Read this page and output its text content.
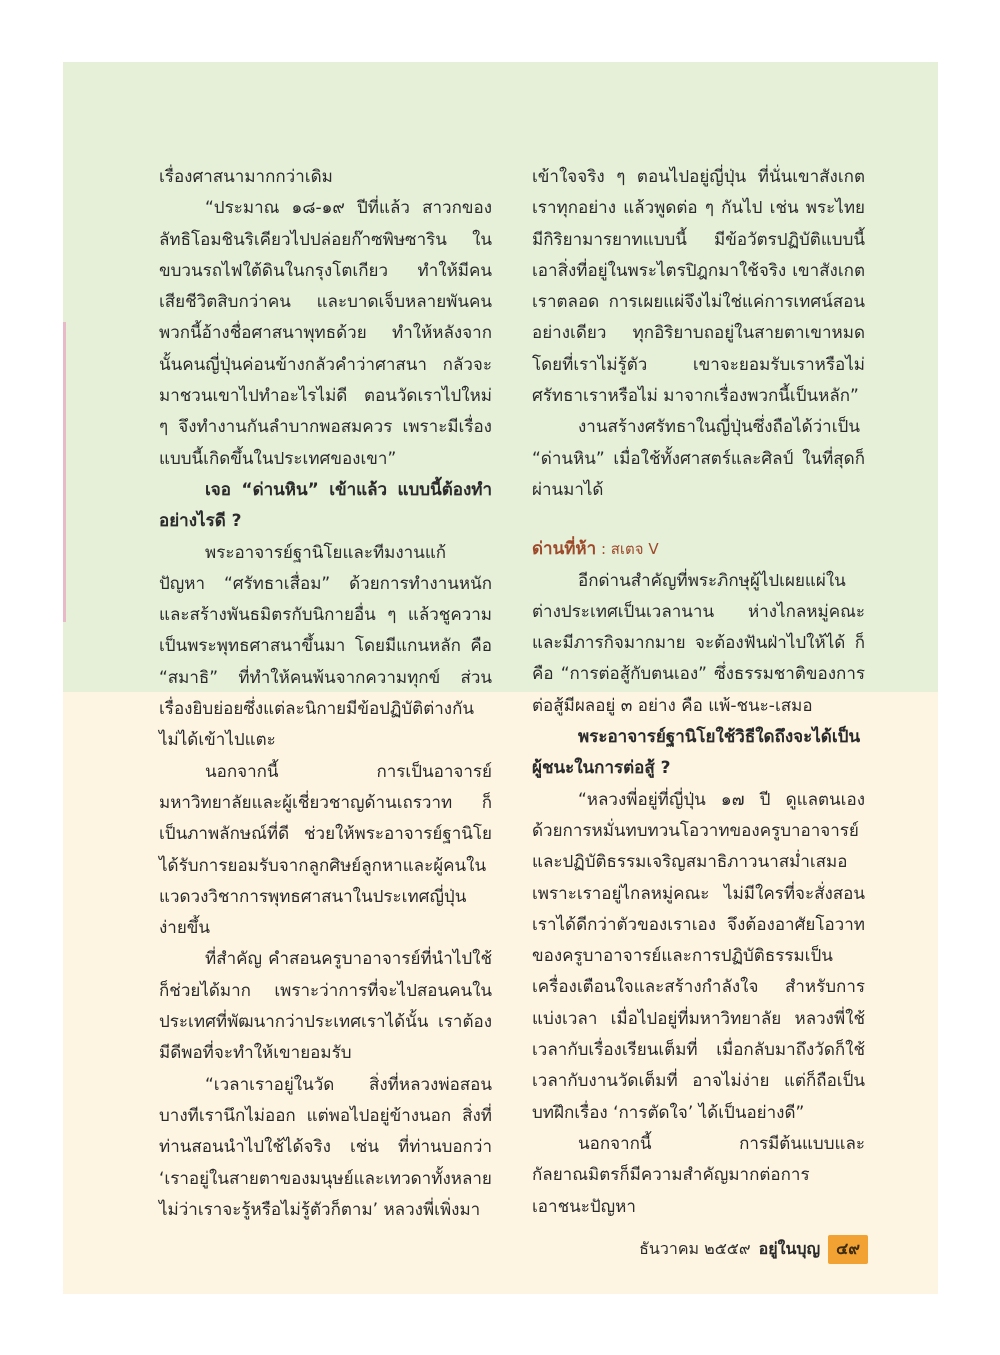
เรื่องศาสนามากกว่าเดิม

“ประมาณ ๑๘-๑๙ ปีที่แล้ว สาวกของลัทธิโอมชินริเคียวไปปล่อยก๊าซพิษซาริน ในขบวนรถไฟใต้ดินในกรุงโตเกียว ทำให้มีคนเสียชีวิตสิบกว่าคน และบาดเจ็บหลายพันคน พวกนี้อ้างชื่อศาสนาพุทธด้วย ทำให้หลังจากนั้นคนญี่ปุ่นค่อนข้างกลัวคำว่าศาสนา กลัวจะมาชวนเขาไปทำอะไรไม่ดี ตอนวัดเราไปใหม่ ๆ จึงทำงานกันลำบากพอสมควร เพราะมีเรื่องแบบนี้เกิดขึ้นในประเทศของเขา”

เจอ “ด่านหิน” เข้าแล้ว แบบนี้ต้องทำอย่างไรดี ?

พระอาจารย์ฐานิโยและทีมงานแก้ปัญหา “ศรัทธาเสื่อม” ด้วยการทำงานหนักและสร้างพันธมิตรกับนิกายอื่น ๆ แล้วชูความเป็นพระพุทธศาสนาขึ้นมา โดยมีแกนหลัก คือ “สมาธิ” ที่ทำให้คนพ้นจากความทุกข์ ส่วนเรื่องยิบย่อยซึ่งแต่ละนิกายมีข้อปฏิบัติต่างกันไม่ได้เข้าไปแตะ

นอกจากนี้ การเป็นอาจารย์มหาวิทยาลัยและผู้เชี่ยวชาญด้านเถรวาท ก็เป็นภาพลักษณ์ที่ดี ช่วยให้พระอาจารย์ฐานิโยได้รับการยอมรับจากลูกศิษย์ลูกหาและผู้คนในแวดวงวิชาการพุทธศาสนาในประเทศญี่ปุ่นง่ายขึ้น

ที่สำคัญ คำสอนครูบาอาจารย์ที่นำไปใช้ก็ช่วยได้มาก เพราะว่าการที่จะไปสอนคนในประเทศที่พัฒนากว่าประเทศเราได้นั้น เราต้องมีดีพอที่จะทำให้เขายอมรับ

“เวลาเราอยู่ในวัด สิ่งที่หลวงพ่อสอนบางทีเรานึกไม่ออก แต่พอไปอยู่ข้างนอก สิ่งที่ท่านสอนนำไปใช้ได้จริง เช่น ที่ท่านบอกว่า ‘เราอยู่ในสายตาของมนุษย์และเทวดาทั้งหลาย ไม่ว่าเราจะรู้หรือไม่รู้ตัวก็ตาม’ หลวงพี่เพิ่งมา

เข้าใจจริง ๆ ตอนไปอยู่ญี่ปุ่น ที่นั่นเขาสังเกตเราทุกอย่าง แล้วพูดต่อ ๆ กันไป เช่น พระไทยมีกิริยามารยาทแบบนี้ มีข้อวัตรปฏิบัติแบบนี้ เอาสิ่งที่อยู่ในพระไตรปิฎกมาใช้จริง เขาสังเกตเราตลอด การเผยแผ่จึงไม่ใช่แค่การเทศน์สอนอย่างเดียว ทุกอิริยาบถอยู่ในสายตาเขาหมด โดยที่เราไม่รู้ตัว เขาจะยอมรับเราหรือไม่ศรัทธาเราหรือไม่ มาจากเรื่องพวกนี้เป็นหลัก”

งานสร้างศรัทธาในญี่ปุ่นซึ่งถือได้ว่าเป็น “ด่านหิน” เมื่อใช้ทั้งศาสตร์และศิลป์ ในที่สุดก็ผ่านมาได้

ด่านที่ห้า : สเตจ V

อีกด่านสำคัญที่พระภิกษุผู้ไปเผยแผ่ในต่างประเทศเป็นเวลานาน ห่างไกลหมู่คณะ และมีภารกิจมากมาย จะต้องฟันฝ่าไปให้ได้ ก็คือ “การต่อสู้กับตนเอง” ซึ่งธรรมชาติของการต่อสู้มีผลอยู่ ๓ อย่าง คือ แพ้-ชนะ-เสมอ

พระอาจารย์ฐานิโยใช้วิธีใดถึงจะได้เป็นผู้ชนะในการต่อสู้ ?

“หลวงพี่อยู่ที่ญี่ปุ่น ๑๗ ปี ดูแลตนเองด้วยการหมั่นทบทวนโอวาทของครูบาอาจารย์ และปฏิบัติธรรมเจริญสมาธิภาวนาสม่ำเสมอ เพราะเราอยู่ไกลหมู่คณะ ไม่มีใครที่จะสั่งสอนเราได้ดีกว่าตัวของเราเอง จึงต้องอาศัยโอวาทของครูบาอาจารย์และการปฏิบัติธรรมเป็นเครื่องเตือนใจและสร้างกำลังใจ สำหรับการแบ่งเวลา เมื่อไปอยู่ที่มหาวิทยาลัย หลวงพี่ใช้เวลากับเรื่องเรียนเต็มที่ เมื่อกลับมาถึงวัดก็ใช้เวลากับงานวัดเต็มที่ อาจไม่ง่าย แต่ก็ถือเป็นบทฝึกเรื่อง ‘การตัดใจ’ ได้เป็นอย่างดี”

นอกจากนี้ การมีต้นแบบและกัลยาณมิตรก็มีความสำคัญมากต่อการเอาชนะปัญหา

ธันวาคม ๒๕๕๙ อยู่ในบุญ	๔๙
